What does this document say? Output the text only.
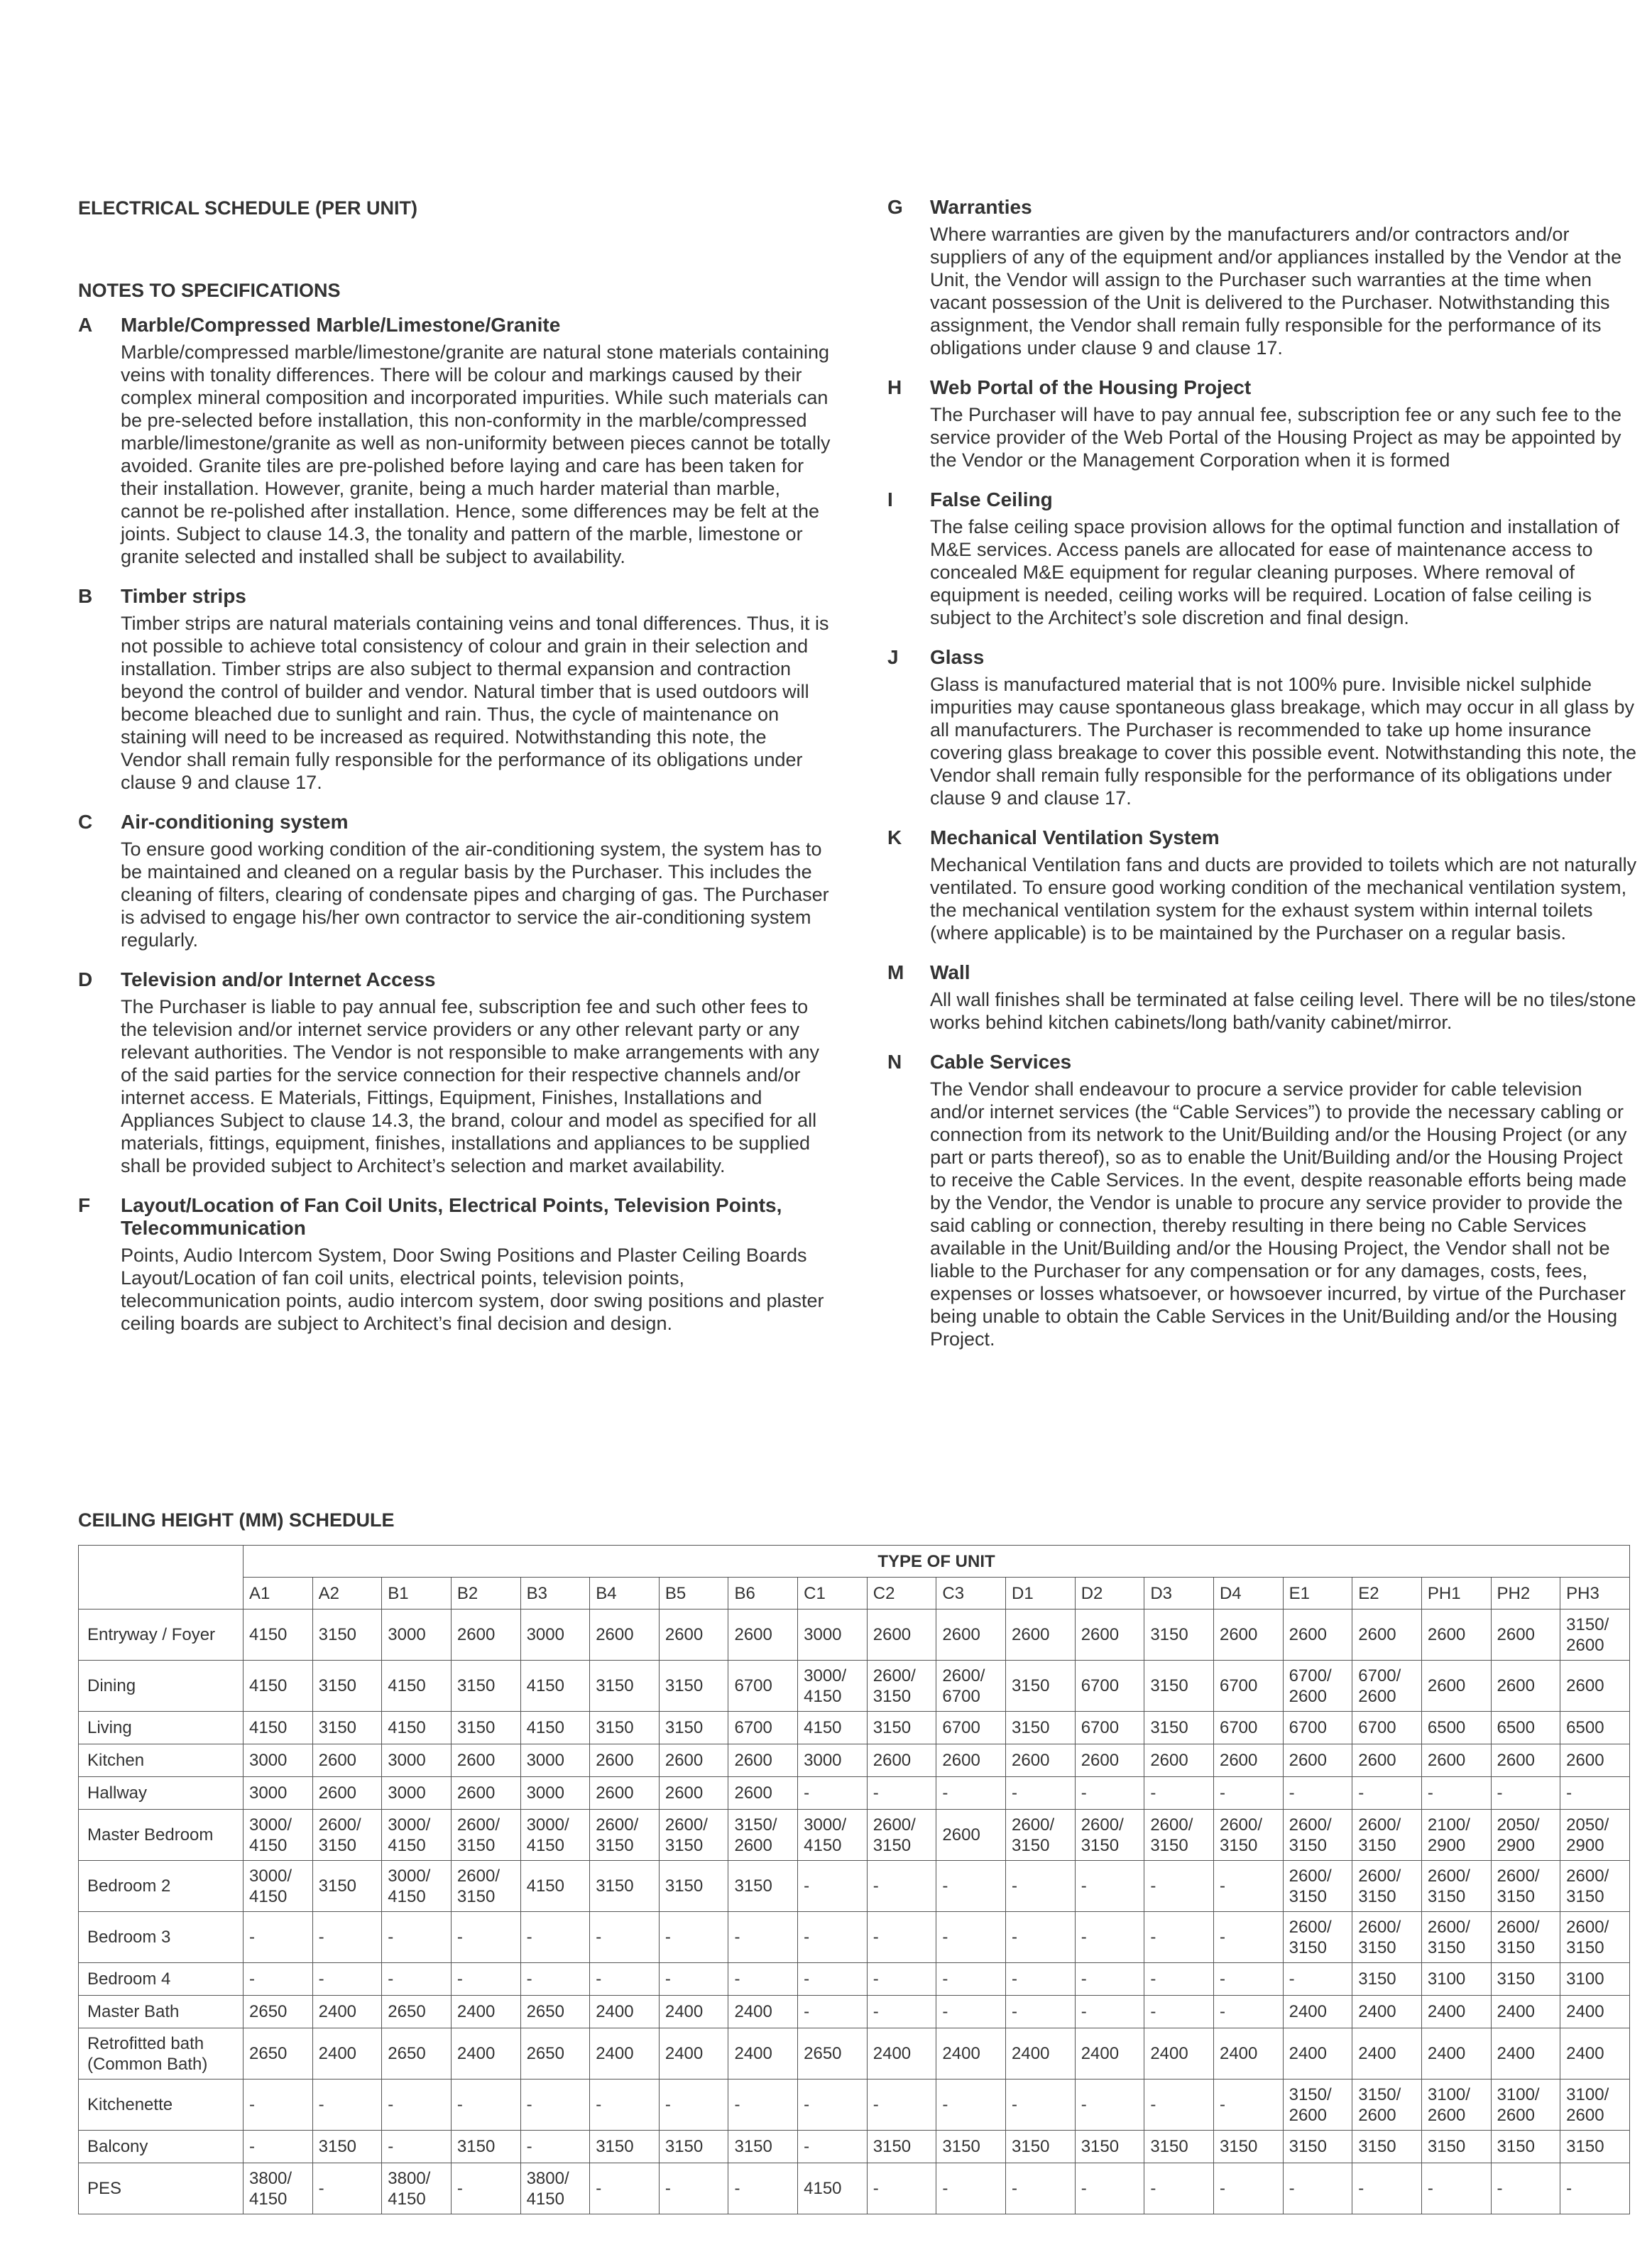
ELECTRICAL SCHEDULE (PER UNIT)
NOTES TO SPECIFICATIONS
A Marble/Compressed Marble/Limestone/Granite
Marble/compressed marble/limestone/granite are natural stone materials containing veins with tonality differences. There will be colour and markings caused by their complex mineral composition and incorporated impurities. While such materials can be pre-selected before installation, this non-conformity in the marble/compressed marble/limestone/granite as well as non-uniformity between pieces cannot be totally avoided. Granite tiles are pre-polished before laying and care has been taken for their installation. However, granite, being a much harder material than marble, cannot be re-polished after installation. Hence, some differences may be felt at the joints. Subject to clause 14.3, the tonality and pattern of the marble, limestone or granite selected and installed shall be subject to availability.
B Timber strips
Timber strips are natural materials containing veins and tonal differences. Thus, it is not possible to achieve total consistency of colour and grain in their selection and installation. Timber strips are also subject to thermal expansion and contraction beyond the control of builder and vendor. Natural timber that is used outdoors will become bleached due to sunlight and rain. Thus, the cycle of maintenance on staining will need to be increased as required. Notwithstanding this note, the Vendor shall remain fully responsible for the performance of its obligations under clause 9 and clause 17.
C Air-conditioning system
To ensure good working condition of the air-conditioning system, the system has to be maintained and cleaned on a regular basis by the Purchaser. This includes the cleaning of filters, clearing of condensate pipes and charging of gas. The Purchaser is advised to engage his/her own contractor to service the air-conditioning system regularly.
D Television and/or Internet Access
The Purchaser is liable to pay annual fee, subscription fee and such other fees to the television and/or internet service providers or any other relevant party or any relevant authorities. The Vendor is not responsible to make arrangements with any of the said parties for the service connection for their respective channels and/or internet access. E Materials, Fittings, Equipment, Finishes, Installations and Appliances Subject to clause 14.3, the brand, colour and model as specified for all materials, fittings, equipment, finishes, installations and appliances to be supplied shall be provided subject to Architect’s selection and market availability.
F Layout/Location of Fan Coil Units, Electrical Points, Television Points, Telecommunication
Points, Audio Intercom System, Door Swing Positions and Plaster Ceiling Boards Layout/Location of fan coil units, electrical points, television points, telecommunication points, audio intercom system, door swing positions and plaster ceiling boards are subject to Architect’s final decision and design.
G Warranties
Where warranties are given by the manufacturers and/or contractors and/or suppliers of any of the equipment and/or appliances installed by the Vendor at the Unit, the Vendor will assign to the Purchaser such warranties at the time when vacant possession of the Unit is delivered to the Purchaser. Notwithstanding this assignment, the Vendor shall remain fully responsible for the performance of its obligations under clause 9 and clause 17.
H Web Portal of the Housing Project
The Purchaser will have to pay annual fee, subscription fee or any such fee to the service provider of the Web Portal of the Housing Project as may be appointed by the Vendor or the Management Corporation when it is formed
I False Ceiling
The false ceiling space provision allows for the optimal function and installation of M&E services. Access panels are allocated for ease of maintenance access to concealed M&E equipment for regular cleaning purposes. Where removal of equipment is needed, ceiling works will be required. Location of false ceiling is subject to the Architect’s sole discretion and final design.
J Glass
Glass is manufactured material that is not 100% pure. Invisible nickel sulphide impurities may cause spontaneous glass breakage, which may occur in all glass by all manufacturers. The Purchaser is recommended to take up home insurance covering glass breakage to cover this possible event. Notwithstanding this note, the Vendor shall remain fully responsible for the performance of its obligations under clause 9 and clause 17.
K Mechanical Ventilation System
Mechanical Ventilation fans and ducts are provided to toilets which are not naturally ventilated. To ensure good working condition of the mechanical ventilation system, the mechanical ventilation system for the exhaust system within internal toilets (where applicable) is to be maintained by the Purchaser on a regular basis.
M Wall
All wall finishes shall be terminated at false ceiling level. There will be no tiles/stone works behind kitchen cabinets/long bath/vanity cabinet/mirror.
N Cable Services
The Vendor shall endeavour to procure a service provider for cable television and/or internet services (the “Cable Services”) to provide the necessary cabling or connection from its network to the Unit/Building and/or the Housing Project (or any part or parts thereof), so as to enable the Unit/Building and/or the Housing Project to receive the Cable Services. In the event, despite reasonable efforts being made by the Vendor, the Vendor is unable to procure any service provider to provide the said cabling or connection, thereby resulting in there being no Cable Services available in the Unit/Building and/or the Housing Project, the Vendor shall not be liable to the Purchaser for any compensation or for any damages, costs, fees, expenses or losses whatsoever, or howsoever incurred, by virtue of the Purchaser being unable to obtain the Cable Services in the Unit/Building and/or the Housing Project.
CEILING HEIGHT (MM) SCHEDULE
	TYPE OF UNIT																			
	A1	A2	B1	B2	B3	B4	B5	B6	C1	C2	C3	D1	D2	D3	D4	E1	E2	PH1	PH2	PH3
Entryway / Foyer	4150	3150	3000	2600	3000	2600	2600	2600	3000	2600	2600	2600	2600	3150	2600	2600	2600	2600	2600	3150/ 2600
Dining	4150	3150	4150	3150	4150	3150	3150	6700	3000/ 4150	2600/ 3150	2600/ 6700	3150	6700	3150	6700	6700/ 2600	6700/ 2600	2600	2600	2600
Living	4150	3150	4150	3150	4150	3150	3150	6700	4150	3150	6700	3150	6700	3150	6700	6700	6700	6500	6500	6500
Kitchen	3000	2600	3000	2600	3000	2600	2600	2600	3000	2600	2600	2600	2600	2600	2600	2600	2600	2600	2600	2600
Hallway	3000	2600	3000	2600	3000	2600	2600	2600	-	-	-	-	-	-	-	-	-	-	-	-
Master Bedroom	3000/ 4150	2600/ 3150	3000/ 4150	2600/ 3150	3000/ 4150	2600/ 3150	2600/ 3150	3150/ 2600	3000/ 4150	2600/ 3150	2600	2600/ 3150	2600/ 3150	2600/ 3150	2600/ 3150	2600/ 3150	2600/ 3150	2100/ 2900	2050/ 2900	2050/ 2900
Bedroom 2	3000/ 4150	3150	3000/ 4150	2600/ 3150	4150	3150	3150	3150	-	-	-	-	-	-	-	2600/ 3150	2600/ 3150	2600/ 3150	2600/ 3150	2600/ 3150
Bedroom 3	-	-	-	-	-	-	-	-	-	-	-	-	-	-	-	2600/ 3150	2600/ 3150	2600/ 3150	2600/ 3150	2600/ 3150
Bedroom 4	-	-	-	-	-	-	-	-	-	-	-	-	-	-	-	-	3150	3100	3150	3100
Master Bath	2650	2400	2650	2400	2650	2400	2400	2400	-	-	-	-	-	-	-	2400	2400	2400	2400	2400
Retrofitted bath (Common Bath)	2650	2400	2650	2400	2650	2400	2400	2400	2650	2400	2400	2400	2400	2400	2400	2400	2400	2400	2400	2400
Kitchenette	-	-	-	-	-	-	-	-	-	-	-	-	-	-	-	3150/ 2600	3150/ 2600	3100/ 2600	3100/ 2600	3100/ 2600
Balcony	-	3150	-	3150	-	3150	3150	3150	-	3150	3150	3150	3150	3150	3150	3150	3150	3150	3150	3150
PES	3800/ 4150	-	3800/ 4150	-	3800/ 4150	-	-	-	4150	-	-	-	-	-	-	-	-	-	-	-
